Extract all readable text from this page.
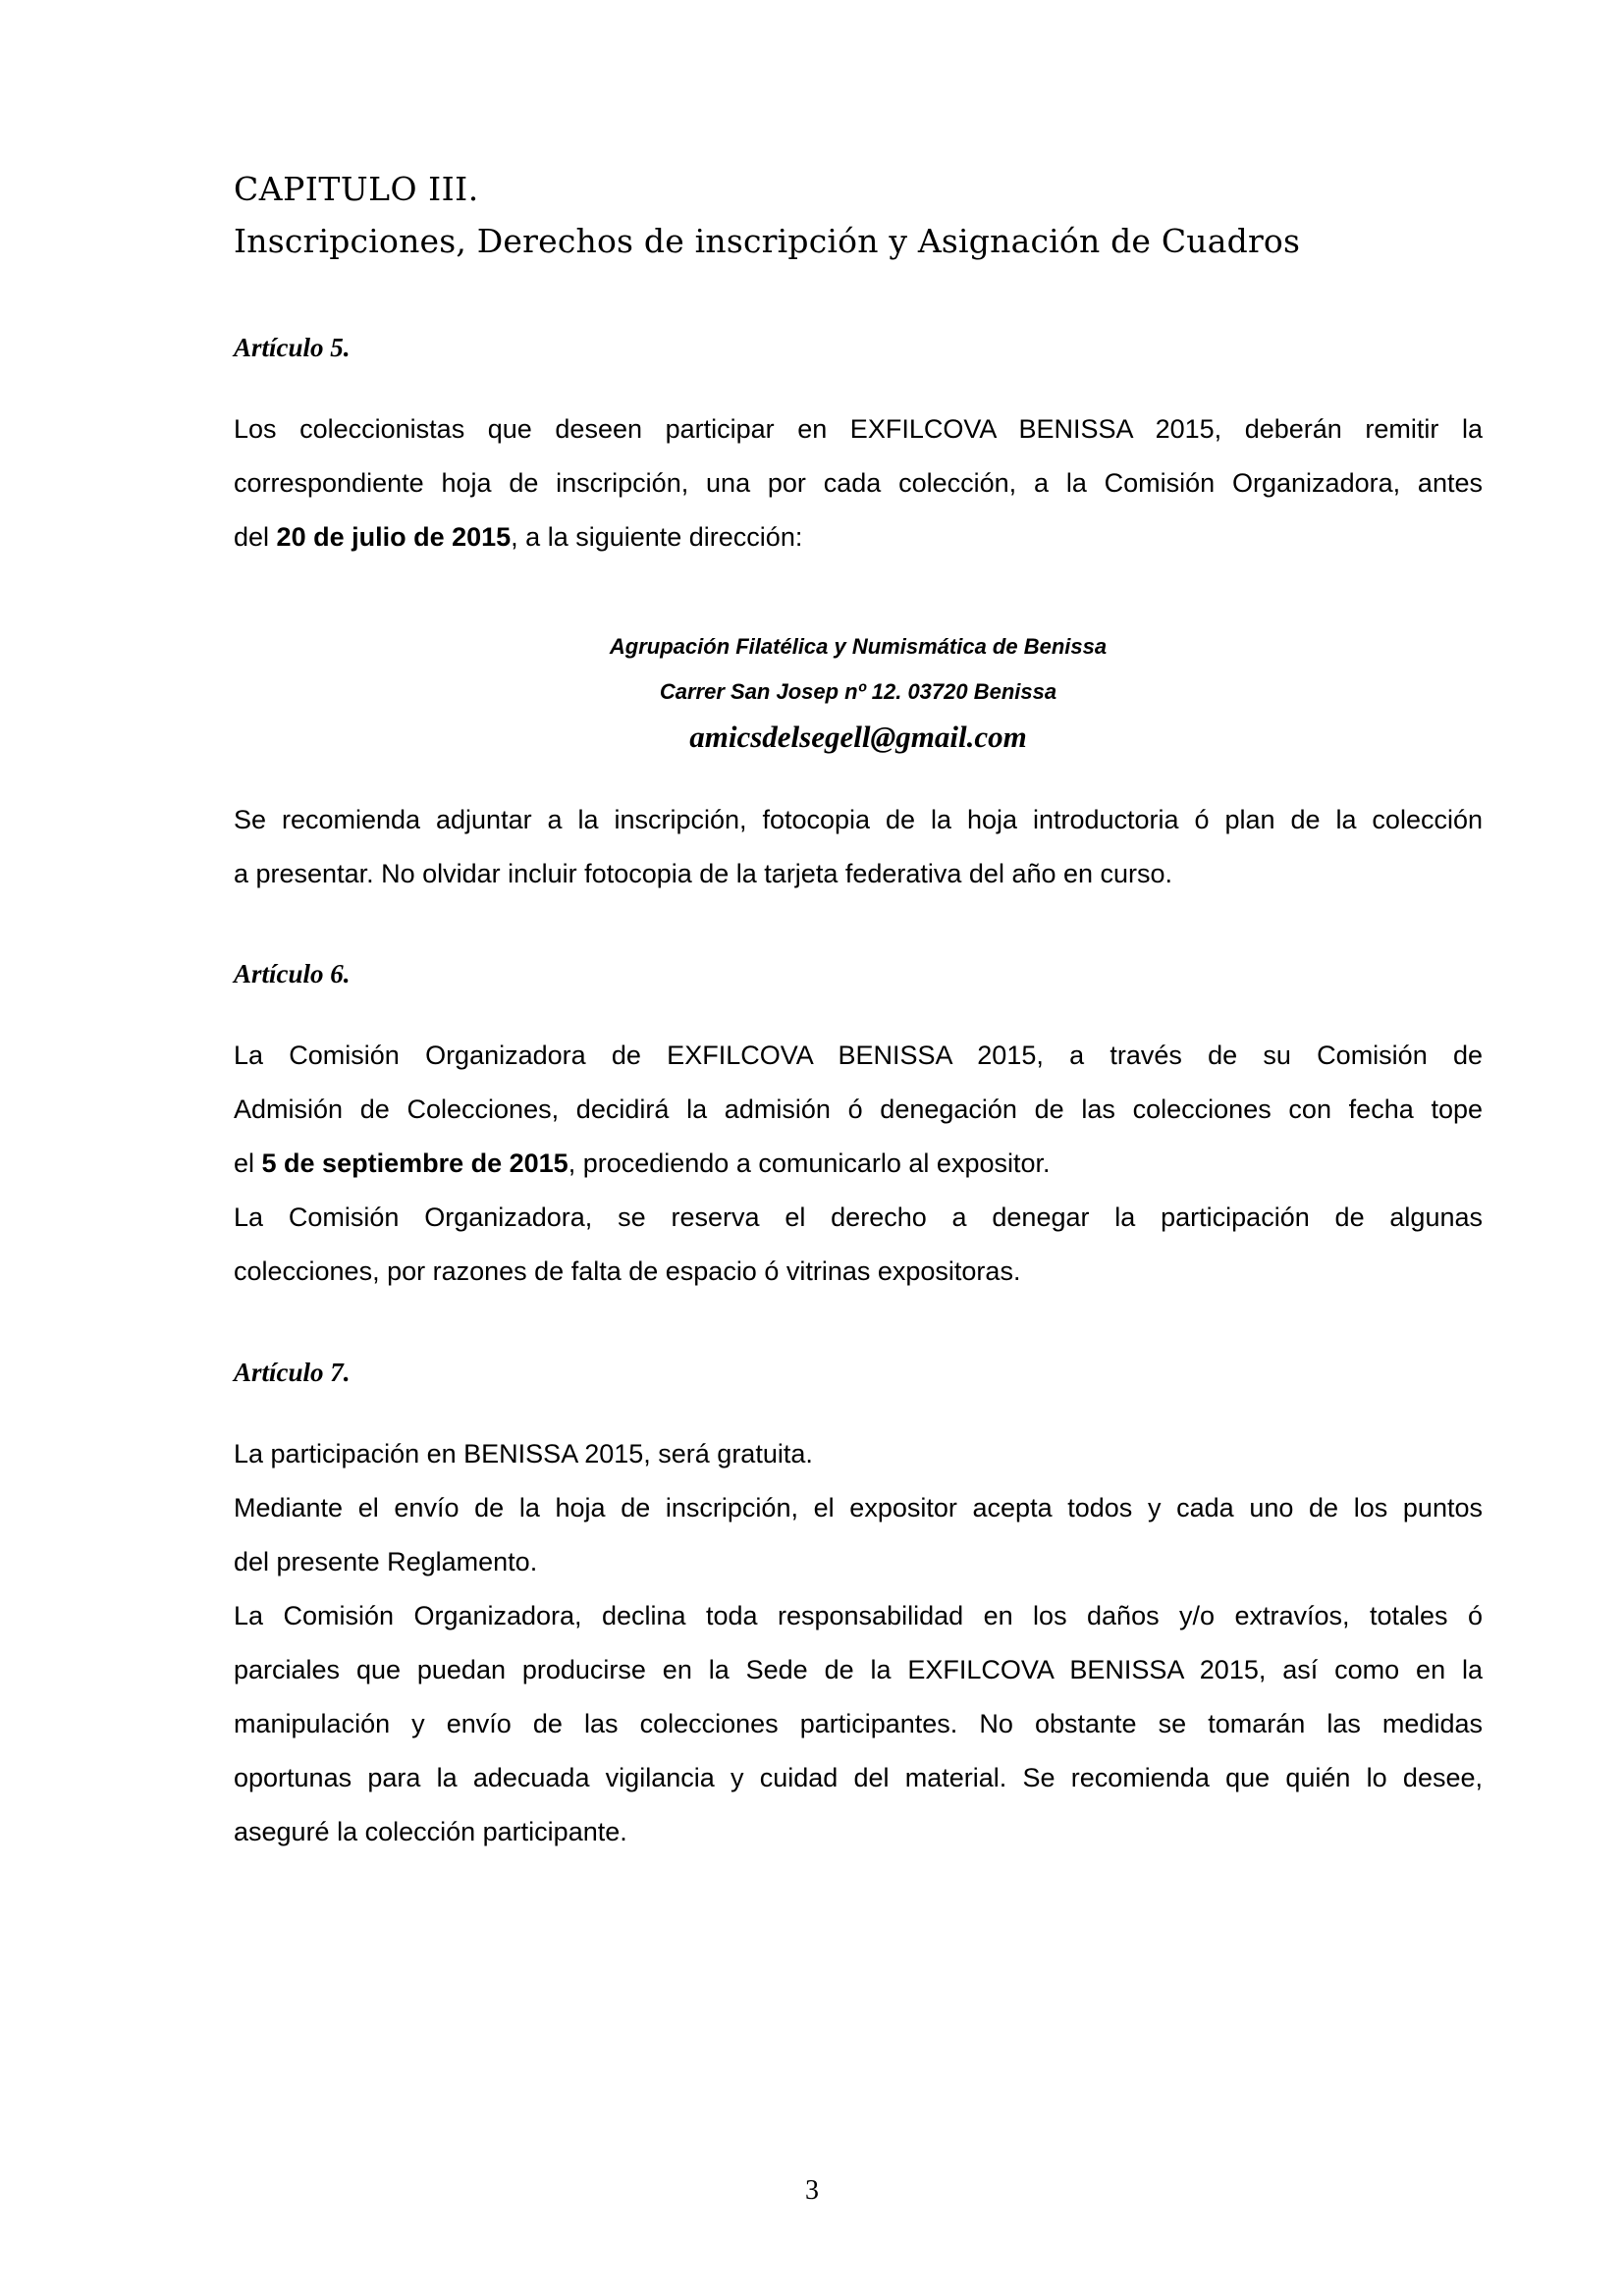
CAPITULO III.
Inscripciones, Derechos de inscripción y Asignación de Cuadros
Artículo 5.

Los coleccionistas que deseen participar en EXFILCOVA BENISSA 2015, deberán remitir la
correspondiente hoja de inscripción, una por cada colección, a la Comisión Organizadora, antes
del 20 de julio de 2015, a la siguiente dirección:

Agrupación Filatélica y Numismática de Benissa
Carrer San Josep nº 12. 03720 Benissa
amicsdelsegell@gmail.com

Se recomienda adjuntar a la inscripción, fotocopia de la hoja introductoria ó plan de la colección
a presentar. No olvidar incluir fotocopia de la tarjeta federativa del año en curso.

Artículo 6.

La Comisión Organizadora de EXFILCOVA BENISSA 2015, a través de su Comisión de
Admisión de Colecciones, decidirá la admisión ó denegación de las colecciones con fecha tope
el 5 de septiembre de 2015, procediendo a comunicarlo al expositor.

La Comisión Organizadora, se reserva el derecho a denegar la participación de algunas
colecciones, por razones de falta de espacio ó vitrinas expositoras.

Artículo 7.

La participación en BENISSA 2015, será gratuita.

Mediante el envío de la hoja de inscripción, el expositor acepta todos y cada uno de los puntos
del presente Reglamento.

La Comisión Organizadora, declina toda responsabilidad en los daños y/o extravíos, totales ó
parciales que puedan producirse en la Sede de la EXFILCOVA BENISSA 2015, así como en la
manipulación y envío de las colecciones participantes. No obstante se tomarán las medidas
oportunas para la adecuada vigilancia y cuidad del material. Se recomienda que quién lo desee,
aseguré la colección participante.

3
